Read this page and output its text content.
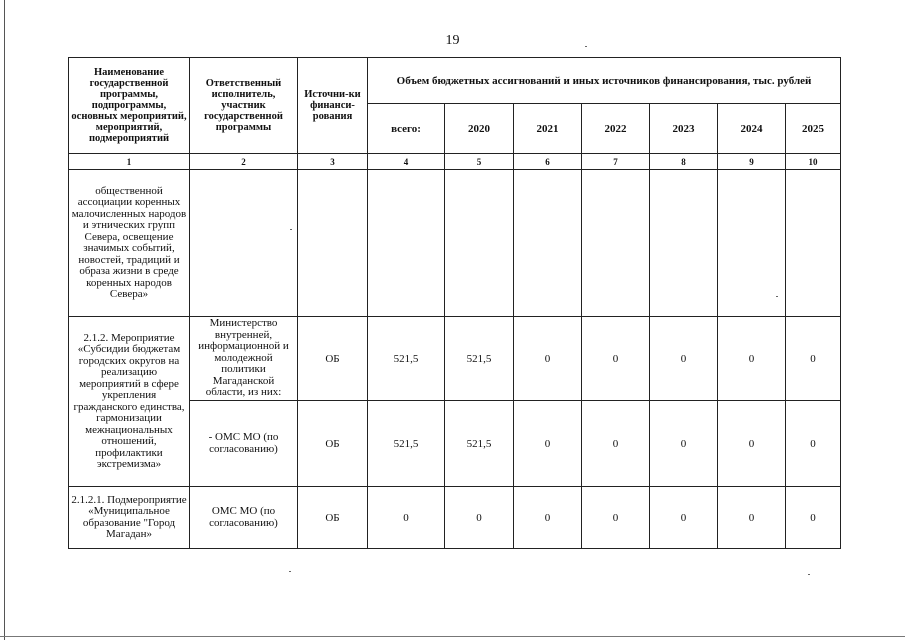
19
Наименование государственной программы, подпрограммы, основных мероприятий, мероприятий, подмероприятий	Ответственный исполнитель, участник государственной программы	Источни-ки финанси-рования	Объем бюджетных ассигнований и иных источников финансирования, тыс. рублей						
			всего:	2020	2021	2022	2023	2024	2025
1	2	3	4	5	6	7	8	9	10
общественной ассоциации коренных малочисленных народов и этнических групп Севера, освещение значимых событий, новостей, традиций и образа жизни в среде коренных народов Севера»									
2.1.2. Мероприятие «Субсидии бюджетам городских округов на реализацию мероприятий в сфере укрепления гражданского единства, гармонизации межнациональных отношений, профилактики экстремизма»	Министерство внутренней, информационной и молодежной политики Магаданской области, из них:	ОБ	521,5	521,5	0	0	0	0	0
	- ОМС МО (по согласованию)	ОБ	521,5	521,5	0	0	0	0	0
2.1.2.1. Подмероприятие «Муниципальное образование "Город Магадан»	ОМС МО (по согласованию)	ОБ	0	0	0	0	0	0	0
